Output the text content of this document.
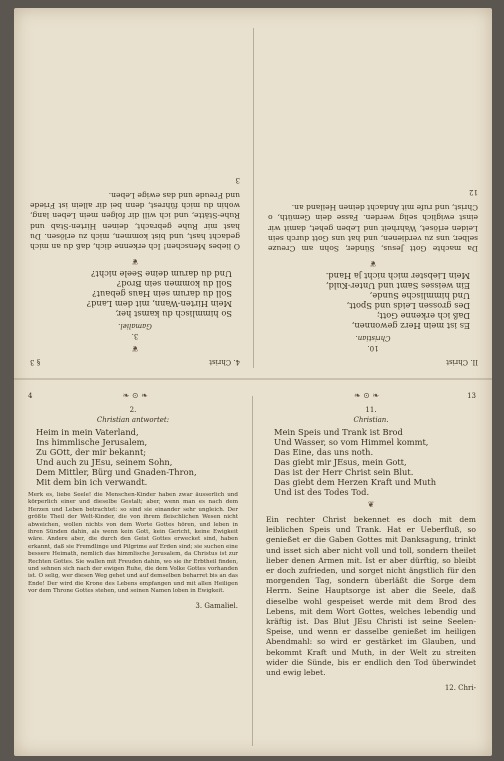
II. Christ
10.
Christian.
Es ist mein Herz gewonnen,
Daß ich erkenne Gott;
Des grossen Leids und Spott,
Und himmlische Sunde,
Ein weisses Samt und Unter-Kuld,
Mein Liebster mich nicht ja Hand.
❦
Da machte Gott Jesus, Sünder, Sohn am Creuze selber, uns zu verdienen, und hat uns Gott durch sein Leiden erlöset, Wahrheit und Leben gehet, damit wir einst ewiglich selig werden. Fasse dein Gemüth, o Christ, und rufe mit Andacht deinen Heiland an.
12
4. Christ
§ 3
❦
3.
Gamaliel.
So himmlisch du kamst her,
Mein Hirten-Wann, mit dem Land?
Soll du darum sein Haus gebaut?
Soll du kommen sein Brod?
Und du darum deine Seele nicht?
❦
O liebes Menschen! Ich erkenne dich, daß du an mich gedacht hast, und bist kommen, mich zu erlösen. Du hast mir Ruhe gebracht, deinen Hirten-Stab und Ruhe-Stätte, und ich will dir folgen mein Leben lang, wohin du mich führest, denn bei dir allein ist Friede und Freude und das ewige Leben.
3
4	❧ ⊙ ❧
2.
Christian antwortet:
Heim in mein Vaterland,
Ins himmlische Jerusalem,
Zu GOtt, der mir bekannt;
Und auch zu JEsu, seinem Sohn,
Dem Mittler, Bürg und Gnaden-Thron,
Mit dem bin ich verwandt.
Merk es, liebe Seele! die Menschen-Kinder haben zwar äusserlich und körperlich einer und dieselbe Gestalt; aber, wenn man es nach dem Herzen und Leben betrachtet: so sind sie einander sehr ungleich. Der größte Theil der Welt-Kinder, die von ihrem fleischlichen Wesen nicht abweichen, wollen nichts von dem Worte Gottes hören, und leben in ihren Sünden dahin, als wenn kein Gott, kein Gericht, keine Ewigkeit wäre. Andere aber, die durch den Geist Gottes erwecket sind, haben erkannt, daß sie Fremdlinge und Pilgrime auf Erden sind; sie suchen eine bessere Heimath, nemlich das himmlische Jerusalem, da Christus ist zur Rechten Gottes. Sie wallen mit Freuden dahin, wo sie ihr Erbtheil finden, und sehnen sich nach der ewigen Ruhe, die dem Volke Gottes vorhanden ist. O selig, wer diesen Weg gehet und auf demselben beharret bis an das Ende! Der wird die Krone des Lebens empfangen und mit allen Heiligen vor dem Throne Gottes stehen, und seinen Namen loben in Ewigkeit.
3. Gamaliel.
❧ ⊙ ❧	13
11.
Christian.
Mein Speis und Trank ist Brod
Und Wasser, so vom Himmel kommt,
Das Eine, das uns noth.
Das giebt mir JEsus, mein Gott,
Das ist der Herr Christ sein Blut.
Das giebt dem Herzen Kraft und Muth
Und ist des Todes Tod.
❦
Ein rechter Christ bekennet es doch mit dem leiblichen Speis und Trank. Hat er Ueberfluß, so genießet er die Gaben Gottes mit Danksagung, trinkt und isset sich aber nicht voll und toll, sondern theilet lieber denen Armen mit. Ist er aber dürftig, so bleibt er doch zufrieden, und sorget nicht ängstlich für den morgenden Tag, sondern überläßt die Sorge dem Herrn. Seine Hauptsorge ist aber die Seele, daß dieselbe wohl gespeiset werde mit dem Brod des Lebens, mit dem Wort Gottes, welches lebendig und kräftig ist. Das Blut JEsu Christi ist seine Seelen-Speise, und wenn er dasselbe genießet im heiligen Abendmahl: so wird er gestärket im Glauben, und bekommt Kraft und Muth, in der Welt zu streiten wider die Sünde, bis er endlich den Tod überwindet und ewig lebet.
12. Chri-
